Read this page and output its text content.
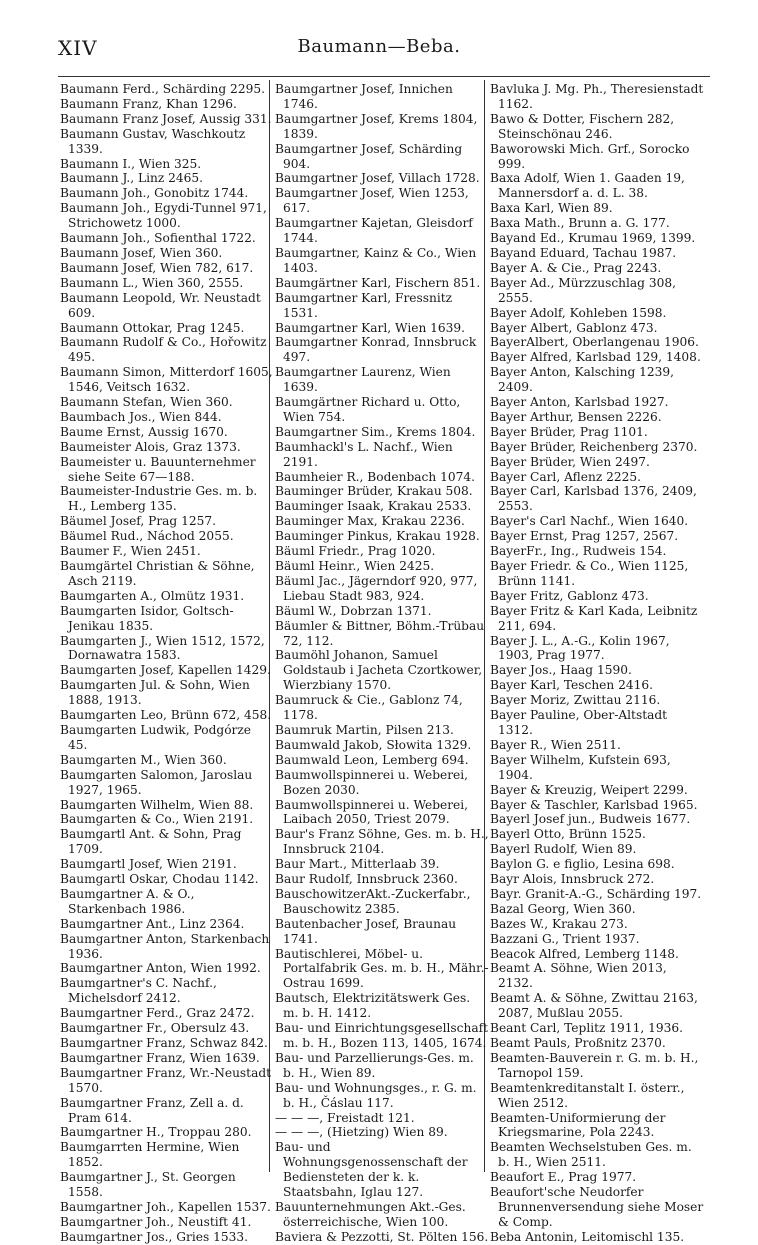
XIV	Baumann—Beba.
Baumann Ferd., Schärding 2295.
Baumann Franz, Khan 1296.
Baumann Franz Josef, Aussig 331.
Baumann Gustav, Waschkoutz 1339.
Baumann I., Wien 325.
Baumann J., Linz 2465.
Baumann Joh., Gonobitz 1744.
Baumann Joh., Egydi-Tunnel 971, Strichowetz 1000.
Baumann Joh., Sofienthal 1722.
Baumann Josef, Wien 360.
Baumann Josef, Wien 782, 617.
Baumann L., Wien 360, 2555.
Baumann Leopold, Wr. Neustadt 609.
Baumann Ottokar, Prag 1245.
Baumann Rudolf & Co., Hořowitz 495.
Baumann Simon, Mitterdorf 1605, 1546, Veitsch 1632.
Baumann Stefan, Wien 360.
Baumbach Jos., Wien 844.
Baume Ernst, Aussig 1670.
Baumeister Alois, Graz 1373.
Baumeister u. Bauunternehmer siehe Seite 67—188.
Baumeister-Industrie Ges. m. b. H., Lemberg 135.
Bäumel Josef, Prag 1257.
Bäumel Rud., Náchod 2055.
Baumer F., Wien 2451.
Baumgärtel Christian & Söhne, Asch 2119.
Baumgarten A., Olmütz 1931.
Baumgarten Isidor, Goltsch-Jenikau 1835.
Baumgarten J., Wien 1512, 1572, Dornawatra 1583.
Baumgarten Josef, Kapellen 1429.
Baumgarten Jul. & Sohn, Wien 1888, 1913.
Baumgarten Leo, Brünn 672, 458.
Baumgarten Ludwik, Podgórze 45.
Baumgarten M., Wien 360.
Baumgarten Salomon, Jaroslau 1927, 1965.
Baumgarten Wilhelm, Wien 88.
Baumgarten & Co., Wien 2191.
Baumgartl Ant. & Sohn, Prag 1709.
Baumgartl Josef, Wien 2191.
Baumgartl Oskar, Chodau 1142.
Baumgartner A. & O., Starkenbach 1986.
Baumgartner Ant., Linz 2364.
Baumgartner Anton, Starkenbach 1936.
Baumgartner Anton, Wien 1992.
Baumgartner's C. Nachf., Michelsdorf 2412.
Baumgartner Ferd., Graz 2472.
Baumgartner Fr., Obersulz 43.
Baumgartner Franz, Schwaz 842.
Baumgartner Franz, Wien 1639.
Baumgartner Franz, Wr.-Neustadt 1570.
Baumgartner Franz, Zell a. d. Pram 614.
Baumgartner H., Troppau 280.
Baumgarrten Hermine, Wien 1852.
Baumgartner J., St. Georgen 1558.
Baumgartner Joh., Kapellen 1537.
Baumgartner Joh., Neustift 41.
Baumgartner Jos., Gries 1533.
Baumgartner Josef, Innichen 1746.
Baumgartner Josef, Krems 1804, 1839.
Baumgartner Josef, Schärding 904.
Baumgartner Josef, Villach 1728.
Baumgartner Josef, Wien 1253, 617.
Baumgartner Kajetan, Gleisdorf 1744.
Baumgartner, Kainz & Co., Wien 1403.
Baumgärtner Karl, Fischern 851.
Baumgartner Karl, Fressnitz 1531.
Baumgartner Karl, Wien 1639.
Baumgartner Konrad, Innsbruck 497.
Baumgartner Laurenz, Wien 1639.
Baumgärtner Richard u. Otto, Wien 754.
Baumgartner Sim., Krems 1804.
Baumhackl's L. Nachf., Wien 2191.
Baumheier R., Bodenbach 1074.
Bauminger Brüder, Krakau 508.
Bauminger Isaak, Krakau 2533.
Bauminger Max, Krakau 2236.
Bauminger Pinkus, Krakau 1928.
Bäuml Friedr., Prag 1020.
Bäuml Heinr., Wien 2425.
Bäuml Jac., Jägerndorf 920, 977, Liebau Stadt 983, 924.
Bäuml W., Dobrzan 1371.
Bäumler & Bittner, Böhm.-Trübau 72, 112.
Baumöhl Johanon, Samuel Goldstaub i Jacheta Czortkower, Wierzbiany 1570.
Baumruck & Cie., Gablonz 74, 1178.
Baumruk Martin, Pilsen 213.
Baumwald Jakob, Słowita 1329.
Baumwald Leon, Lemberg 694.
Baumwollspinnerei u. Weberei, Bozen 2030.
Baumwollspinnerei u. Weberei, Laibach 2050, Triest 2079.
Baur's Franz Söhne, Ges. m. b. H., Innsbruck 2104.
Baur Mart., Mitterlaab 39.
Baur Rudolf, Innsbruck 2360.
BauschowitzerAkt.-Zuckerfabr., Bauschowitz 2385.
Bautenbacher Josef, Braunau 1741.
Bautischlerei, Möbel- u. Portalfabrik Ges. m. b. H., Mähr.-Ostrau 1699.
Bautsch, Elektrizitätswerk Ges. m. b. H. 1412.
Bau- und Einrichtungsgesellschaft m. b. H., Bozen 113, 1405, 1674.
Bau- und Parzellierungs-Ges. m. b. H., Wien 89.
Bau- und Wohnungsges., r. G. m. b. H., Čáslau 117.
— — —, Freistadt 121.
— — —, (Hietzing) Wien 89.
Bau- und Wohnungsgenossenschaft der Bediensteten der k. k. Staatsbahn, Iglau 127.
Bauunternehmungen Akt.-Ges. österreichische, Wien 100.
Baviera & Pezzotti, St. Pölten 156.
Bavluka J. Mg. Ph., Theresienstadt 1162.
Bawo & Dotter, Fischern 282, Steinschönau 246.
Baworowski Mich. Grf., Sorocko 999.
Baxa Adolf, Wien 1. Gaaden 19, Mannersdorf a. d. L. 38.
Baxa Karl, Wien 89.
Baxa Math., Brunn a. G. 177.
Bayand Ed., Krumau 1969, 1399.
Bayand Eduard, Tachau 1987.
Bayer A. & Cie., Prag 2243.
Bayer Ad., Mürzzuschlag 308, 2555.
Bayer Adolf, Kohleben 1598.
Bayer Albert, Gablonz 473.
BayerAlbert, Oberlangenau 1906.
Bayer Alfred, Karlsbad 129, 1408.
Bayer Anton, Kalsching 1239, 2409.
Bayer Anton, Karlsbad 1927.
Bayer Arthur, Bensen 2226.
Bayer Brüder, Prag 1101.
Bayer Brüder, Reichenberg 2370.
Bayer Brüder, Wien 2497.
Bayer Carl, Aflenz 2225.
Bayer Carl, Karlsbad 1376, 2409, 2553.
Bayer's Carl Nachf., Wien 1640.
Bayer Ernst, Prag 1257, 2567.
BayerFr., Ing., Rudweis 154.
Bayer Friedr. & Co., Wien 1125, Brünn 1141.
Bayer Fritz, Gablonz 473.
Bayer Fritz & Karl Kada, Leibnitz 211, 694.
Bayer J. L., A.-G., Kolin 1967, 1903, Prag 1977.
Bayer Jos., Haag 1590.
Bayer Karl, Teschen 2416.
Bayer Moriz, Zwittau 2116.
Bayer Pauline, Ober-Altstadt 1312.
Bayer R., Wien 2511.
Bayer Wilhelm, Kufstein 693, 1904.
Bayer & Kreuzig, Weipert 2299.
Bayer & Taschler, Karlsbad 1965.
Bayerl Josef jun., Budweis 1677.
Bayerl Otto, Brünn 1525.
Bayerl Rudolf, Wien 89.
Baylon G. e figlio, Lesina 698.
Bayr Alois, Innsbruck 272.
Bayr. Granit-A.-G., Schärding 197.
Bazal Georg, Wien 360.
Bazes W., Krakau 273.
Bazzani G., Trient 1937.
Beacok Alfred, Lemberg 1148.
Beamt A. Söhne, Wien 2013, 2132.
Beamt A. & Söhne, Zwittau 2163, 2087, Mußlau 2055.
Beant Carl, Teplitz 1911, 1936.
Beamt Pauls, Proßnitz 2370.
Beamten-Bauverein r. G. m. b. H., Tarnopol 159.
Beamtenkreditanstalt I. österr., Wien 2512.
Beamten-Uniformierung der Kriegsmarine, Pola 2243.
Beamten Wechselstuben Ges. m. b. H., Wien 2511.
Beaufort E., Prag 1977.
Beaufort'sche Neudorfer Brunnenversendung siehe Moser & Comp.
Beba Antonin, Leitomischl 135.
